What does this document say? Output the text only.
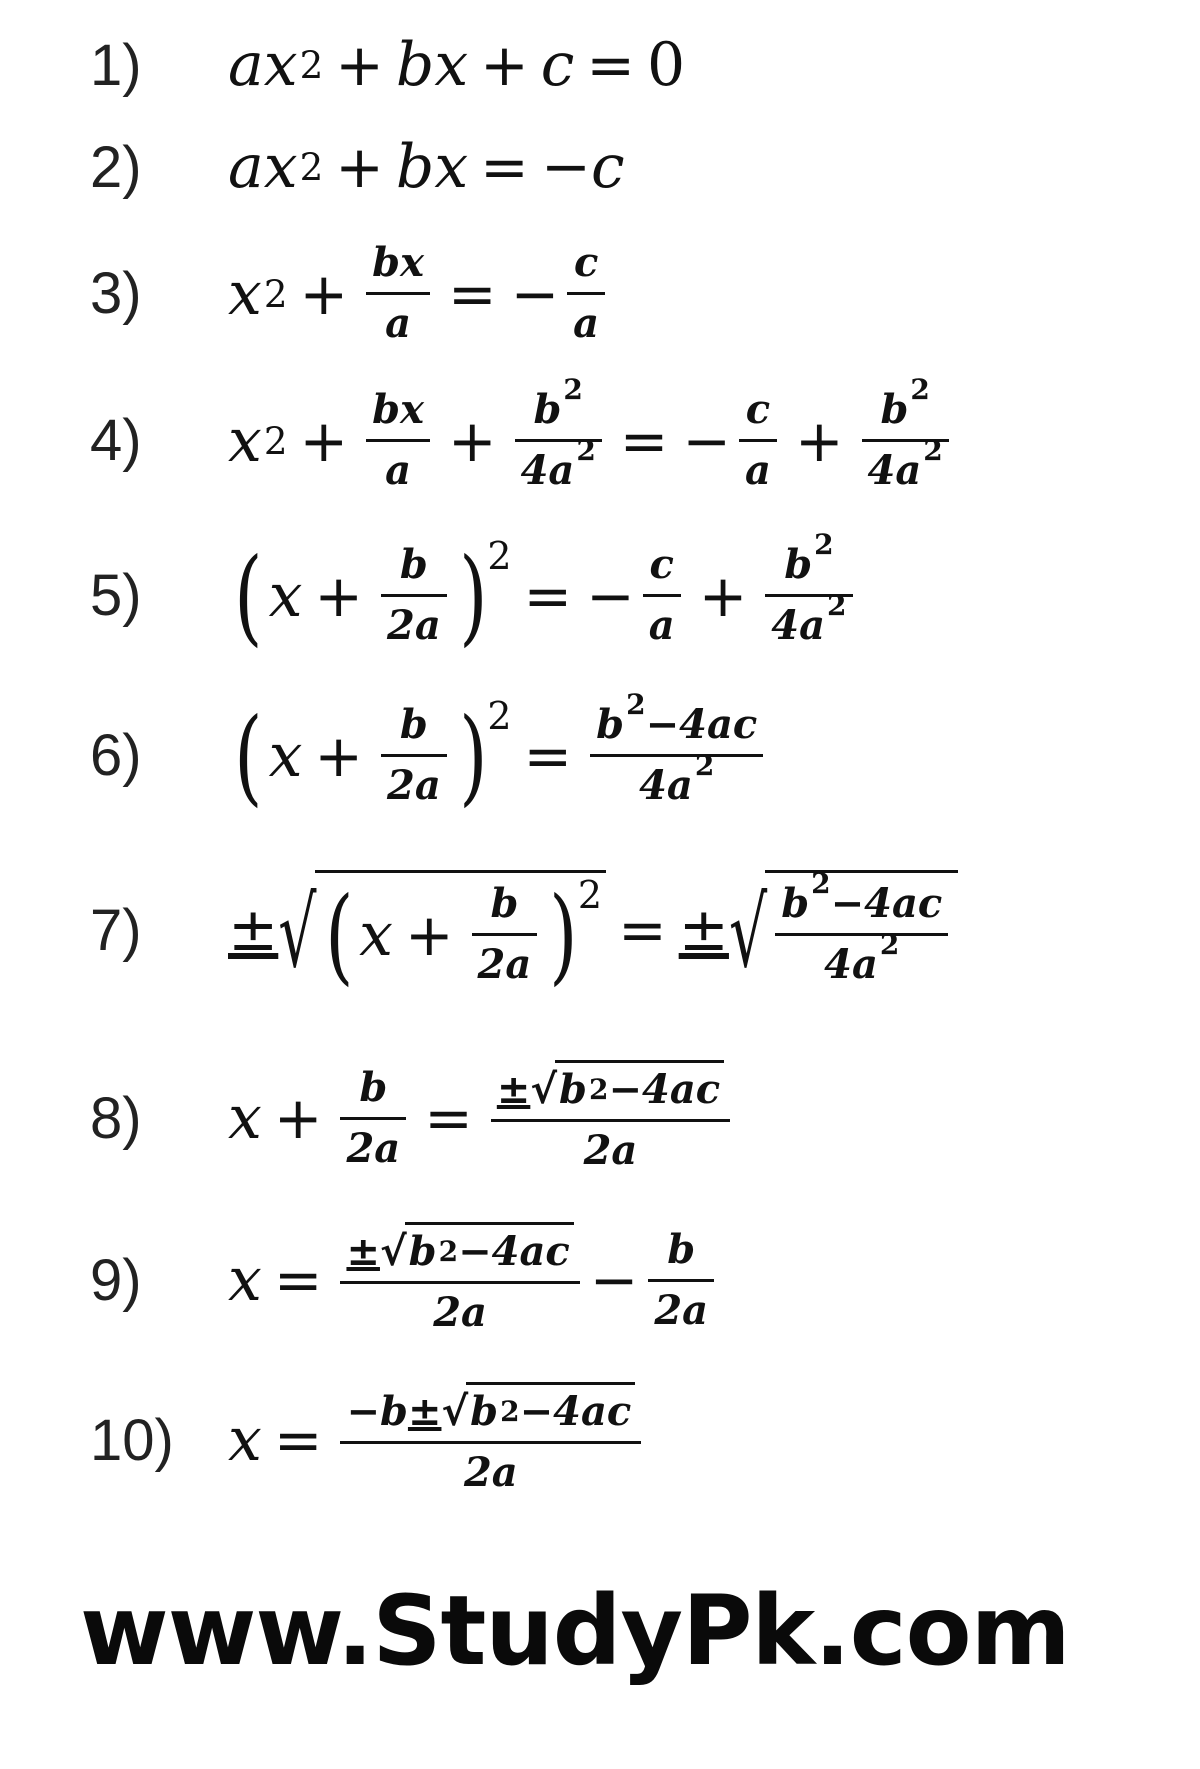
1)	a x 2 + bx + c = 0
2)	a x 2 + bx = − c
3)	x $2 + \frac{bx}{a}$ = − $\frac{c}{a}$
4)	x $2 + \frac{bx}{a} + \frac{b^2}{4a^2}$ = − $\frac{c}{a} + \frac{b^2}{4a^2}$
5) ( $x + \frac{b}{2a}$ ) 2
= − $\frac{c}{a} + \frac{b^2}{4a^2}$
6) ( $x + \frac{b}{2a}$ ) 2
= $\frac{b^2-4ac}{4a^2}$
7)	± √ ( $x + \frac{b}{2a}$ ) 2
= ± √ $\frac{b^2-4ac}{4a^2}$
8)	$x + \frac{b}{2a} = \frac{\pm √ b 2 -4ac}{2a}$
9)	$x = \frac{\pm √ b 2 -4ac}{2a} - \frac{b}{2a}$
10) $x = \frac{-b\pm √ b 2 -4ac}{2a}$
www.StudyPk.com
